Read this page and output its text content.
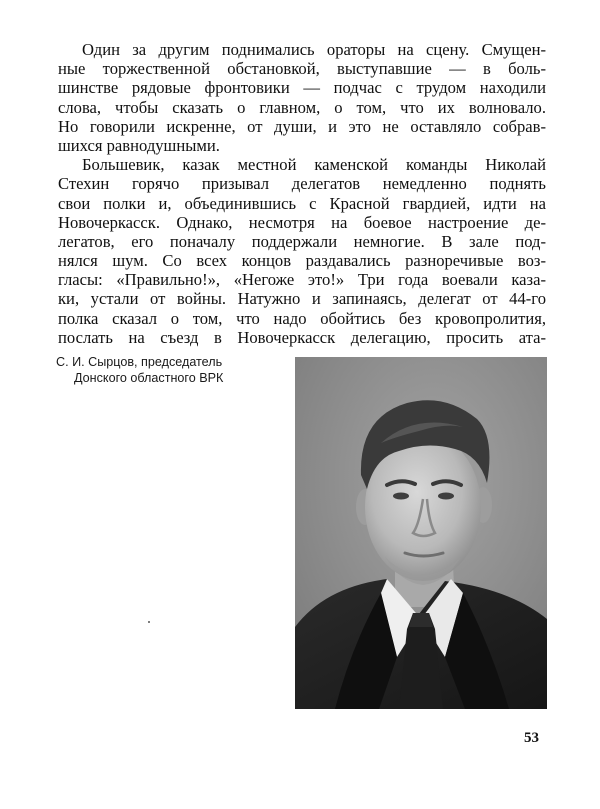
Один за другим поднимались ораторы на сцену. Смущен-
ные торжественной обстановкой, выступавшие — в боль-
шинстве рядовые фронтовики — подчас с трудом находили
слова, чтобы сказать о главном, о том, что их волновало.
Но говорили искренне, от души, и это не оставляло собрав-
шихся равнодушными.
Большевик, казак местной каменской команды Николай
Стехин горячо призывал делегатов немедленно поднять
свои полки и, объединившись с Красной гвардией, идти на
Новочеркасск. Однако, несмотря на боевое настроение де-
легатов, его поначалу поддержали немногие. В зале под-
нялся шум. Со всех концов раздавались разноречивые воз-
гласы: «Правильно!», «Негоже это!» Три года воевали каза-
ки, устали от войны. Натужно и запинаясь, делегат от 44-го
полка сказал о том, что надо обойтись без кровопролития,
послать на съезд в Новочеркасск делегацию, просить ата-
С. И. Сырцов, председатель
Донского областного ВРК
53
